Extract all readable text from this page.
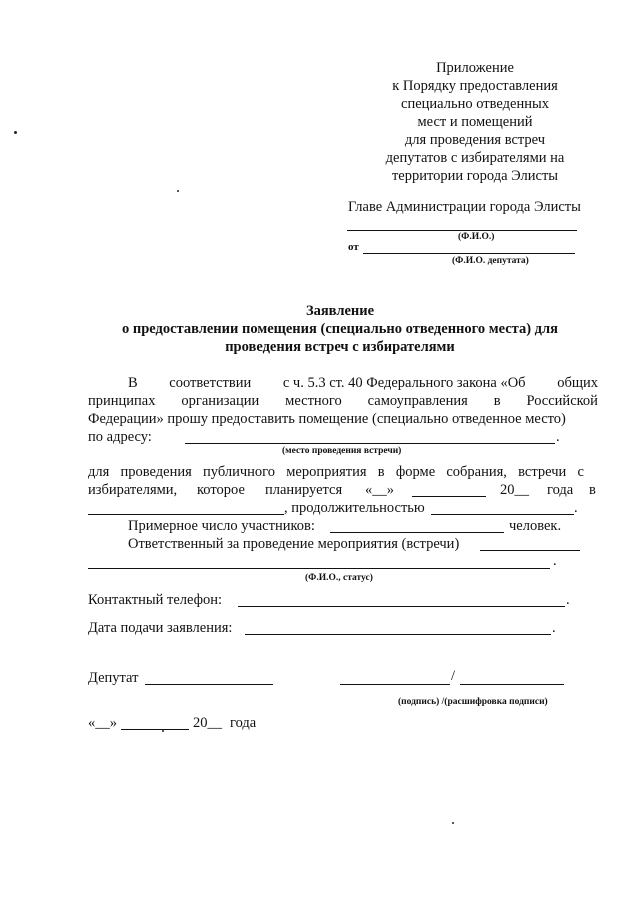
Приложение
к Порядку предоставления
специально отведенных
мест и помещений
для проведения встреч
депутатов с избирателями на
территории города Элисты
Главе Администрации города Элисты
(Ф.И.О.)
от
(Ф.И.О. депутата)
Заявление
о предоставлении помещения (специально отведенного места) для
проведения встреч с избирателями
В соответствии с ч. 5.3 ст. 40 Федерального закона «Об общих
принципах организации местного самоуправления в Российской
Федерации» прошу предоставить помещение (специально отведенное место)
по адресу:	.
(место проведения встречи)
для проведения публичного мероприятия в форме собрания, встречи с
избирателями, которое планируется «__»	20__ года в
, продолжительностью	.
Примерное число участников:	человек.
Ответственный за проведение мероприятия (встречи)
.
(Ф.И.О., статус)
Контактный телефон:	.
Дата подачи заявления:	.
Депутат	/
(подпись) /(расшифровка подписи)
«__»	20__ года
